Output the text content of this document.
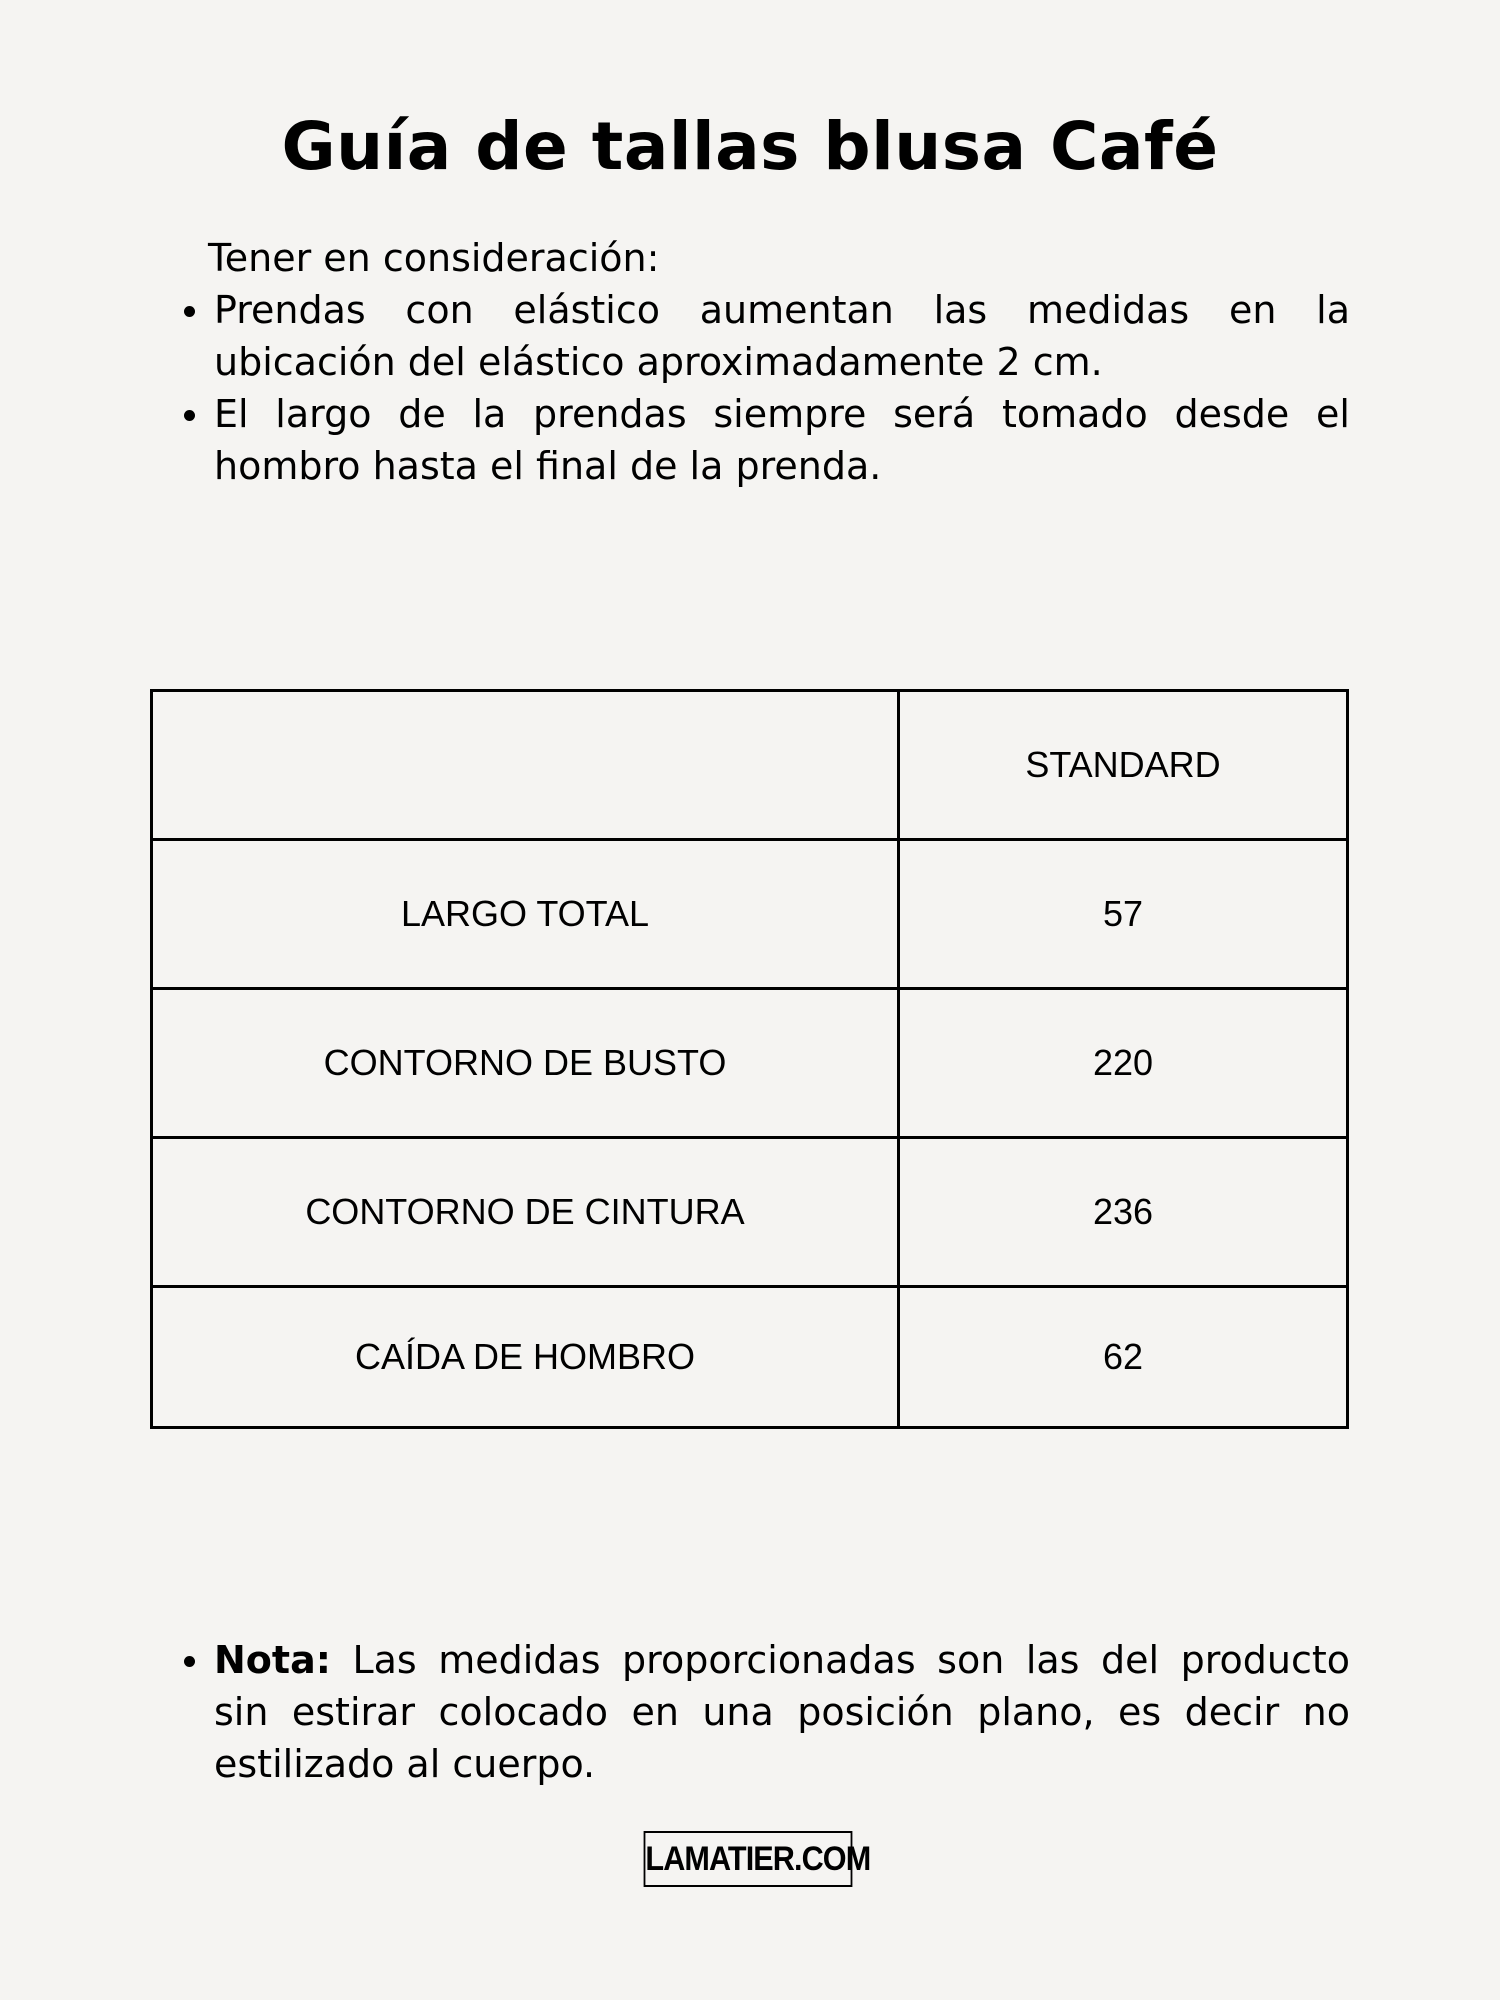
Guía de tallas blusa Café
Tener en consideración:
Prendas con elástico aumentan las medidas en la ubicación del elástico aproximadamente 2 cm.
El largo de la prendas siempre será tomado desde el hombro hasta el final de la prenda.
	STANDARD
LARGO TOTAL	57
CONTORNO DE BUSTO	220
CONTORNO DE CINTURA	236
CAÍDA DE HOMBRO	62
Nota: Las medidas proporcionadas son las del producto sin estirar colocado en una posición plano, es decir no estilizado al cuerpo.
LAMATIER.COM
